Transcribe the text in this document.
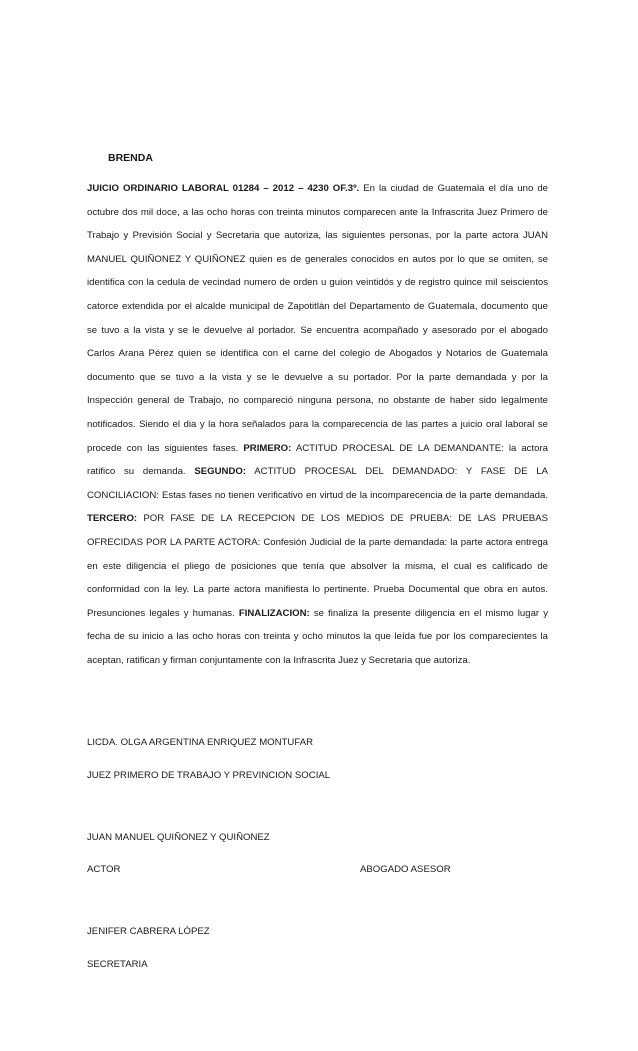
BRENDA

JUICIO ORDINARIO LABORAL 01284 – 2012 – 4230 OF.3º. En la ciudad de Guatemala el día uno de octubre dos mil doce, a las ocho horas con treinta minutos comparecen ante la Infrascrita Juez Primero de Trabajo y Previsión Social y Secretaria que autoriza, las siguientes personas, por la parte actora JUAN MANUEL QUIÑONEZ Y QUIÑONEZ quien es de generales conocidos en autos por lo que se omiten, se identifica con la cedula de vecindad numero de orden u guion veintidós y de registro quince mil seiscientos catorce extendida por el alcalde municipal de Zapotitlàn del Departamento de Guatemala, documento que se tuvo a la vista y se le devuelve al portador. Se encuentra acompañado y asesorado por el abogado Carlos Arana Pérez quien se identifica con el carne del colegio de Abogados y Notarios de Guatemala documento que se tuvo a la vista y se le devuelve a su portador. Por la parte demandada y por la Inspección general de Trabajo, no compareció ninguna persona, no obstante de haber sido legalmente notificados. Siendo el dia y la hora señalados para la comparecencia de las partes a juicio oral laboral se procede con las siguientes fases. PRIMERO: ACTITUD PROCESAL DE LA DEMANDANTE: la actora ratifico su demanda. SEGUNDO: ACTITUD PROCESAL DEL DEMANDADO: Y FASE DE LA CONCILIACION: Estas fases no tienen verificativo en virtud de la incomparecencia de la parte demandada. TERCERO: POR FASE DE LA RECEPCION DE LOS MEDIOS DE PRUEBA: DE LAS PRUEBAS OFRECIDAS POR LA PARTE ACTORA: Confesión Judicial de la parte demandada: la parte actora entrega en este diligencia el pliego de posiciones que tenía que absolver la misma, el cual es calificado de conformidad con la ley. La parte actora manifiesta lo pertinente. Prueba Documental que obra en autos. Presunciones legales y humanas. FINALIZACION: se finaliza la presente diligencia en el mismo lugar y fecha de su inicio a las ocho horas con treinta y ocho minutos la que leída fue por los comparecientes la aceptan, ratifican y firman conjuntamente con la Infrascrita Juez y Secretaria que autoriza.

LICDA. OLGA ARGENTINA ENRIQUEZ MONTUFAR
JUEZ PRIMERO DE TRABAJO Y PREVINCION SOCIAL
JUAN MANUEL QUIÑONEZ Y QUIÑONEZ
ACTOR	ABOGADO ASESOR
JENIFER CABRERA LÒPEZ
SECRETARIA
